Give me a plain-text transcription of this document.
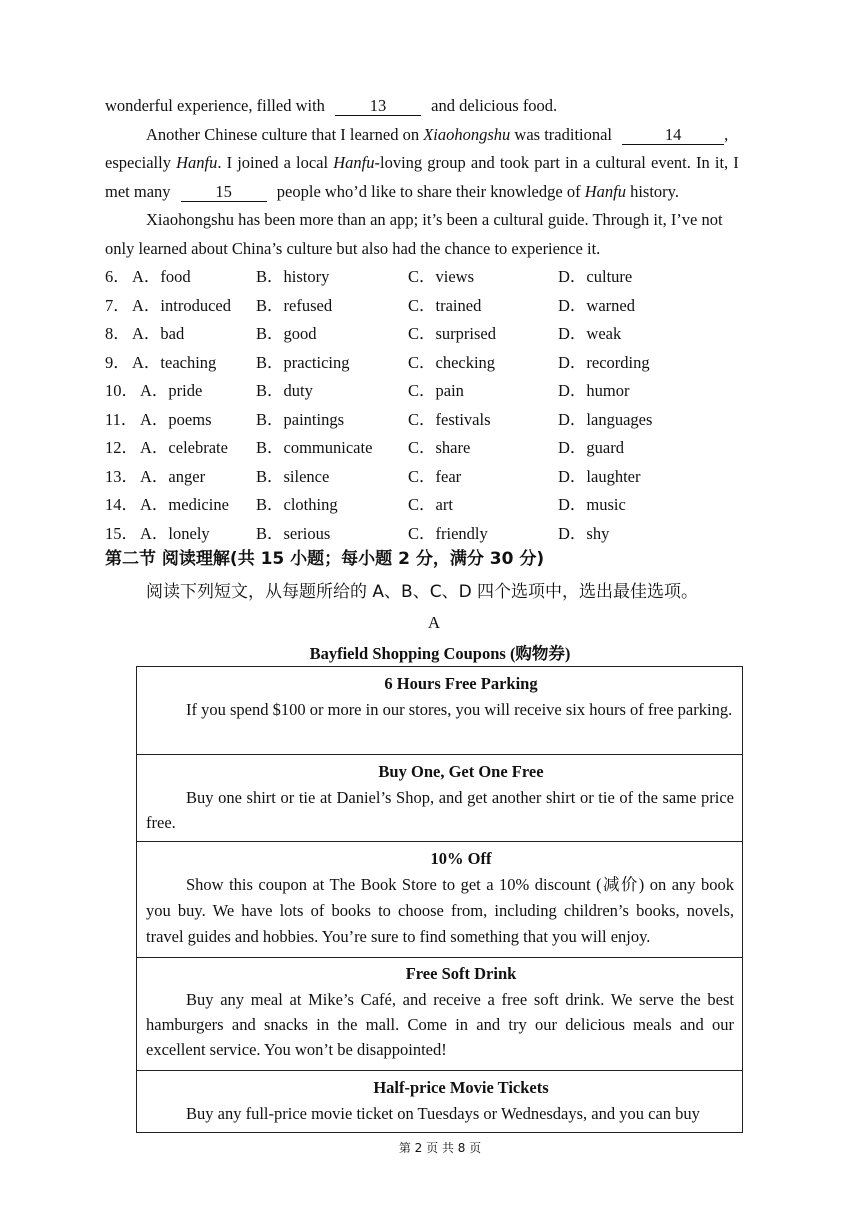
wonderful experience, filled with	13	and delicious food.
Another Chinese culture that I learned on Xiaohongshu was traditional	14	,
especially Hanfu. I joined a local Hanfu-loving group and took part in a cultural event. In it, I
met many	15	people who’d like to share their knowledge of Hanfu history.
Xiaohongshu has been more than an app; it’s been a cultural guide. Through it, I’ve not
only learned about China’s culture but also had the chance to experience it.
6． A．food	B．history	C．views	D．culture
7． A．introduced B．refused	C．trained	D．warned
8． A．bad	B．good	C．surprised	D．weak
9． A．teaching B．practicing	C．checking	D．recording
10． A．pride	B．duty	C．pain	D．humor
11． A．poems	B．paintings	C．festivals	D．languages
12． A．celebrate B．communicate C．share	D．guard
13． A．anger	B．silence	C．fear	D．laughter
14． A．medicine B．clothing	C．art	D．music
15． A．lonely	B．serious	C．friendly	D．shy
第二节 阅读理解(共 15 小题；每小题 2 分，满分 30 分)
阅读下列短文，从每题所给的 A、B、C、D 四个选项中，选出最佳选项。
A
Bayfield Shopping Coupons (购物券)
6 Hours Free Parking
If you spend $100 or more in our stores, you will receive six hours of free parking.
Buy One, Get One Free
Buy one shirt or tie at Daniel’s Shop, and get another shirt or tie of the same price free.
10% Off
Show this coupon at The Book Store to get a 10% discount (减价) on any book you buy. We have lots of books to choose from, including children’s books, novels, travel guides and hobbies. You’re sure to find something that you will enjoy.
Free Soft Drink
Buy any meal at Mike’s Café, and receive a free soft drink. We serve the best hamburgers and snacks in the mall. Come in and try our delicious meals and our excellent service. You won’t be disappointed!
Half-price Movie Tickets
Buy any full-price movie ticket on Tuesdays or Wednesdays, and you can buy
第 2 页 共 8 页
